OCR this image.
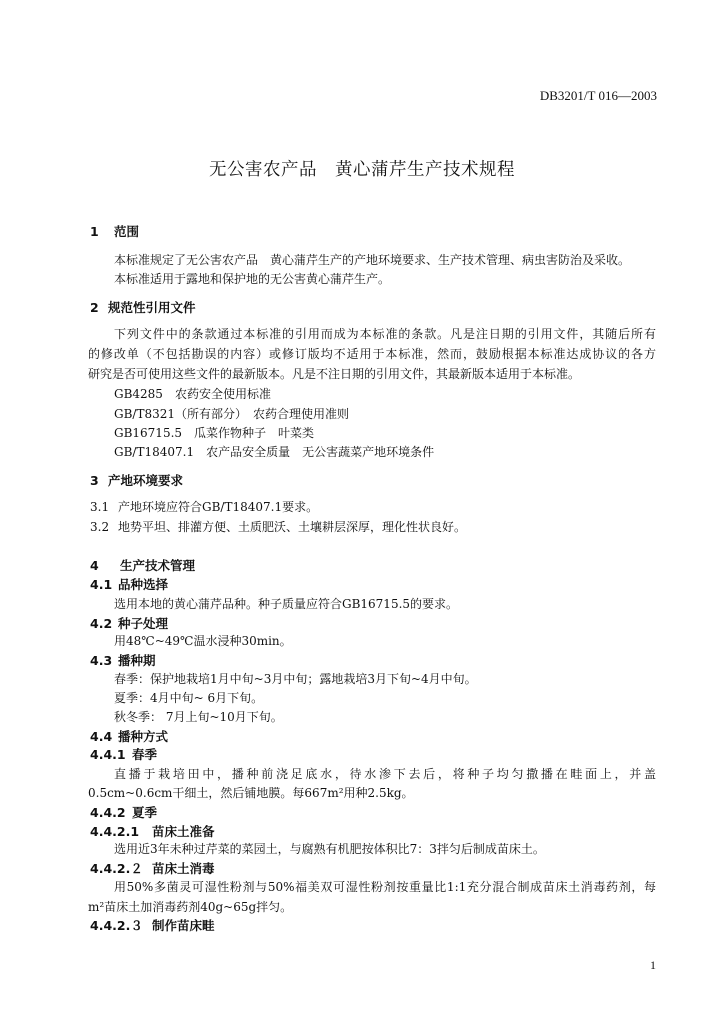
DB3201/T 016—2003
无公害农产品　黄心蒲芹生产技术规程
1 范围
本标准规定了无公害农产品　黄心蒲芹生产的产地环境要求、生产技术管理、病虫害防治及采收。
本标准适用于露地和保护地的无公害黄心蒲芹生产。
2 规范性引用文件
下列文件中的条款通过本标准的引用而成为本标准的条款。凡是注日期的引用文件，其随后所有
的修改单（不包括勘误的内容）或修订版均不适用于本标准，然而，鼓励根据本标准达成协议的各方
研究是否可使用这些文件的最新版本。凡是不注日期的引用文件，其最新版本适用于本标准。
GB4285　农药安全使用标准
GB/T8321（所有部分）　农药合理使用准则
GB16715.5　瓜菜作物种子　叶菜类
GB/T18407.1　农产品安全质量　无公害蔬菜产地环境条件
3 产地环境要求
3.1 产地环境应符合GB/T18407.1要求。
3.2 地势平坦、排灌方便、土质肥沃、土壤耕层深厚，理化性状良好。
4 生产技术管理
4.1 品种选择
选用本地的黄心蒲芹品种。种子质量应符合GB16715.5的要求。
4.2 种子处理
用48℃~49℃温水浸种30min。
4.3 播种期
春季：保护地栽培1月中旬~3月中旬；露地栽培3月下旬~4月中旬。
夏季：4月中旬~ 6月下旬。
秋冬季： 7月上旬~10月下旬。
4.4 播种方式
4.4.1 春季
直播于栽培田中，播种前浇足底水，待水渗下去后，将种子均匀撒播在畦面上，并盖
0.5cm~0.6cm干细土，然后铺地膜。每667m²用种2.5kg。
4.4.2 夏季
4.4.2.1 苗床土准备
选用近3年未种过芹菜的菜园土，与腐熟有机肥按体积比7：3拌匀后制成苗床土。
4.4.2.２ 苗床土消毒
用50%多菌灵可湿性粉剂与50%福美双可湿性粉剂按重量比1:1充分混合制成苗床土消毒药剂，每
m²苗床土加消毒药剂40g~65g拌匀。
4.4.2.３ 制作苗床畦
1
